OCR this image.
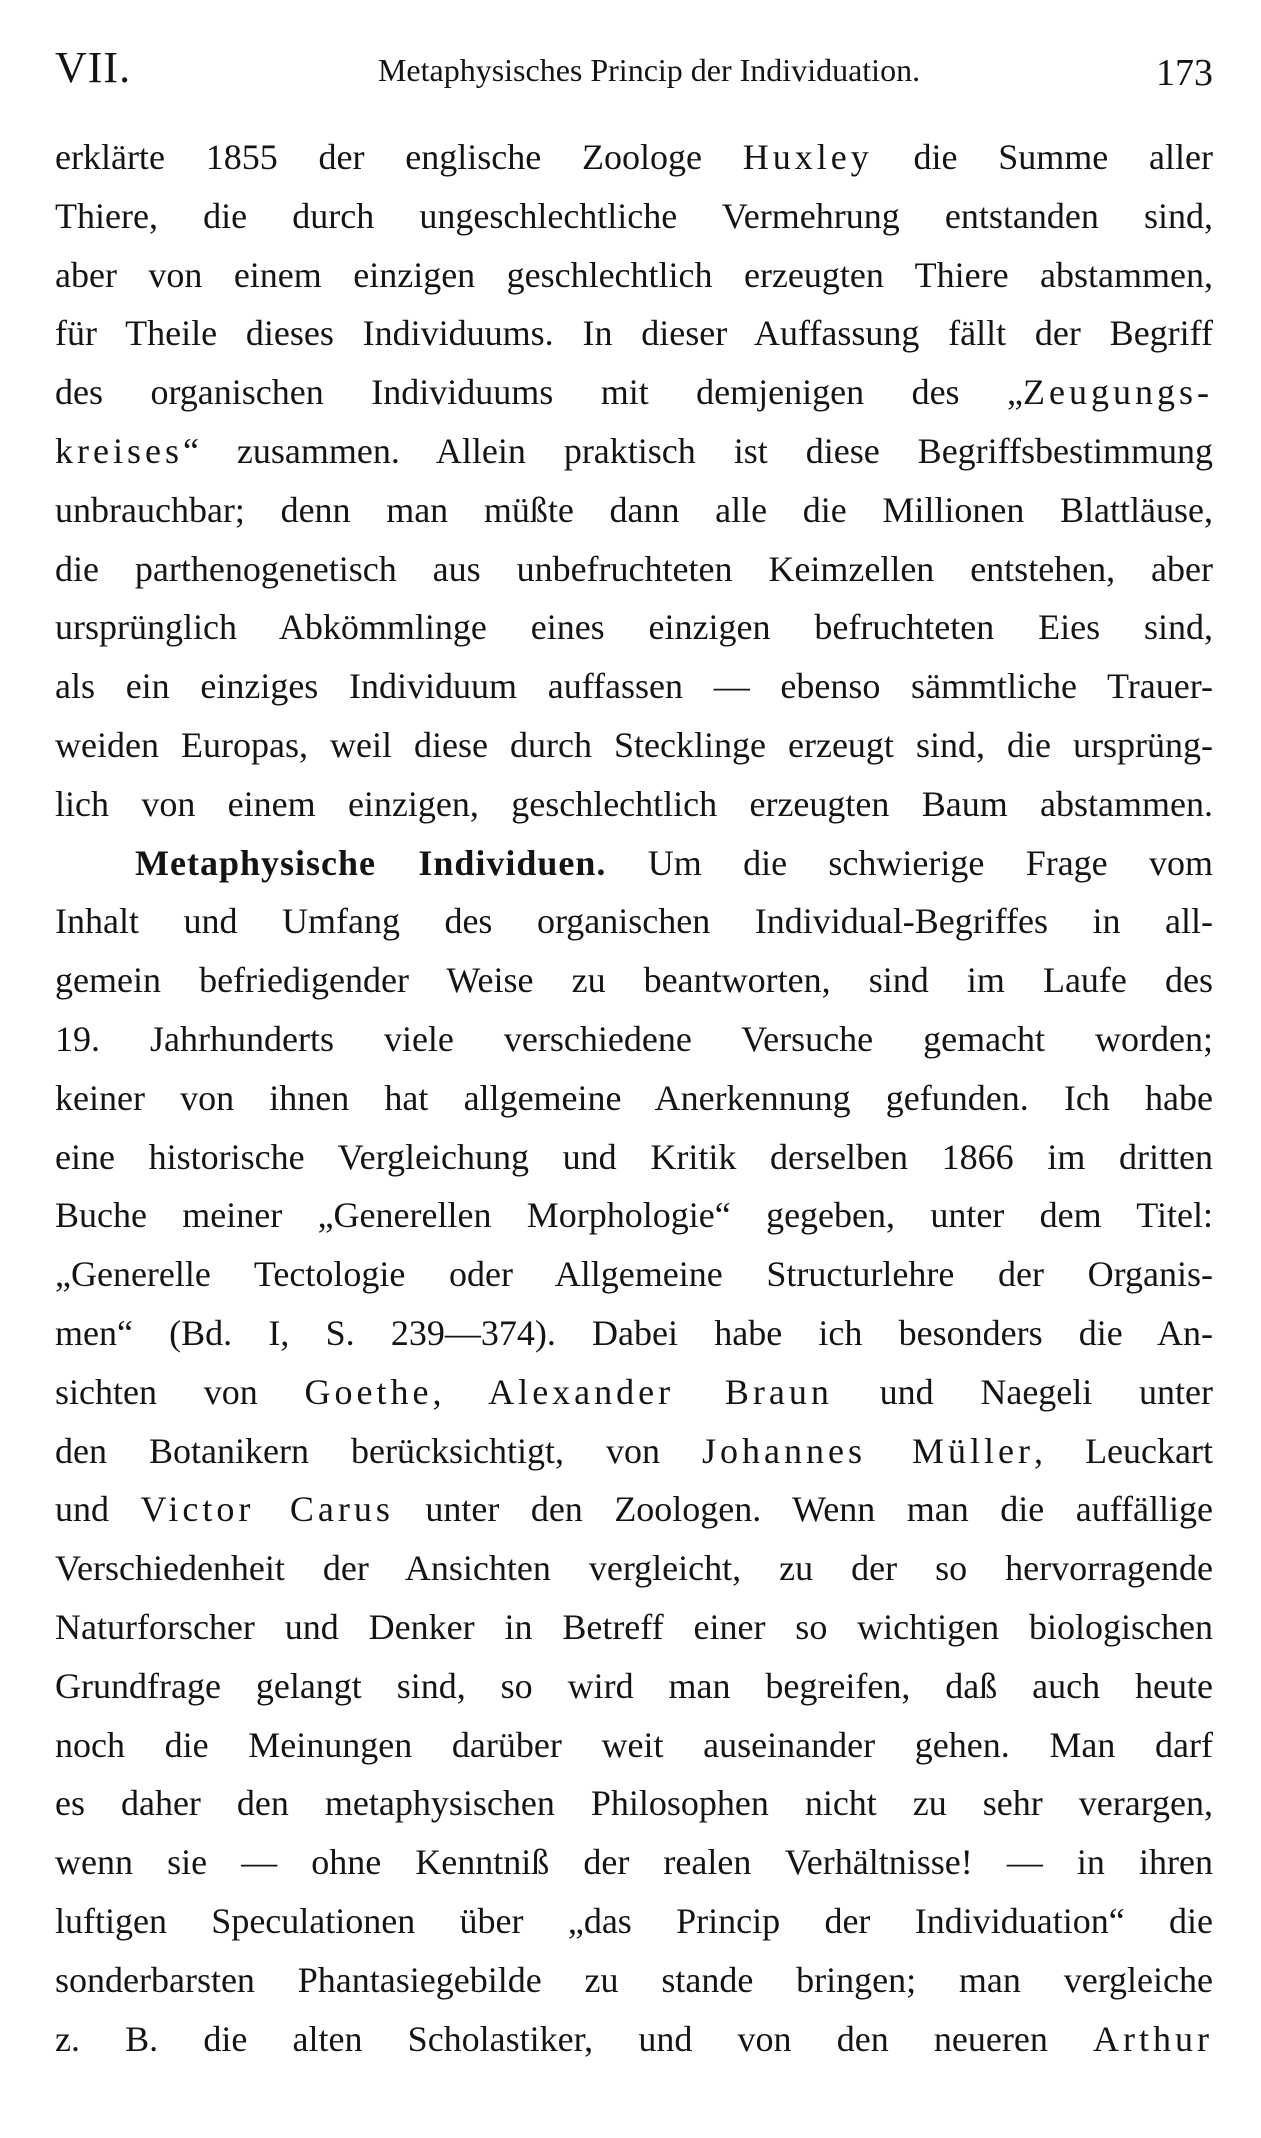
VII.	Metaphysisches Princip der Individuation.	173
erklärte 1855 der englische Zoologe Huxley die Summe aller
Thiere, die durch ungeschlechtliche Vermehrung entstanden sind,
aber von einem einzigen geschlechtlich erzeugten Thiere abstammen,
für Theile dieses Individuums. In dieser Auffassung fällt der Begriff
des organischen Individuums mit demjenigen des „Zeugungs-
kreises“ zusammen. Allein praktisch ist diese Begriffsbestimmung
unbrauchbar; denn man müßte dann alle die Millionen Blattläuse,
die parthenogenetisch aus unbefruchteten Keimzellen entstehen, aber
ursprünglich Abkömmlinge eines einzigen befruchteten Eies sind,
als ein einziges Individuum auffassen — ebenso sämmtliche Trauer-
weiden Europas, weil diese durch Stecklinge erzeugt sind, die ursprüng-
lich von einem einzigen, geschlechtlich erzeugten Baum abstammen.
Metaphysische Individuen. Um die schwierige Frage vom
Inhalt und Umfang des organischen Individual-Begriffes in all-
gemein befriedigender Weise zu beantworten, sind im Laufe des
19. Jahrhunderts viele verschiedene Versuche gemacht worden;
keiner von ihnen hat allgemeine Anerkennung gefunden. Ich habe
eine historische Vergleichung und Kritik derselben 1866 im dritten
Buche meiner „Generellen Morphologie“ gegeben, unter dem Titel:
„Generelle Tectologie oder Allgemeine Structurlehre der Organis-
men“ (Bd. I, S. 239—374). Dabei habe ich besonders die An-
sichten von Goethe, Alexander Braun und Naegeli unter
den Botanikern berücksichtigt, von Johannes Müller, Leuckart
und Victor Carus unter den Zoologen. Wenn man die auffällige
Verschiedenheit der Ansichten vergleicht, zu der so hervorragende
Naturforscher und Denker in Betreff einer so wichtigen biologischen
Grundfrage gelangt sind, so wird man begreifen, daß auch heute
noch die Meinungen darüber weit auseinander gehen. Man darf
es daher den metaphysischen Philosophen nicht zu sehr verargen,
wenn sie — ohne Kenntniß der realen Verhältnisse! — in ihren
luftigen Speculationen über „das Princip der Individuation“ die
sonderbarsten Phantasiegebilde zu stande bringen; man vergleiche
z. B. die alten Scholastiker, und von den neueren Arthur
